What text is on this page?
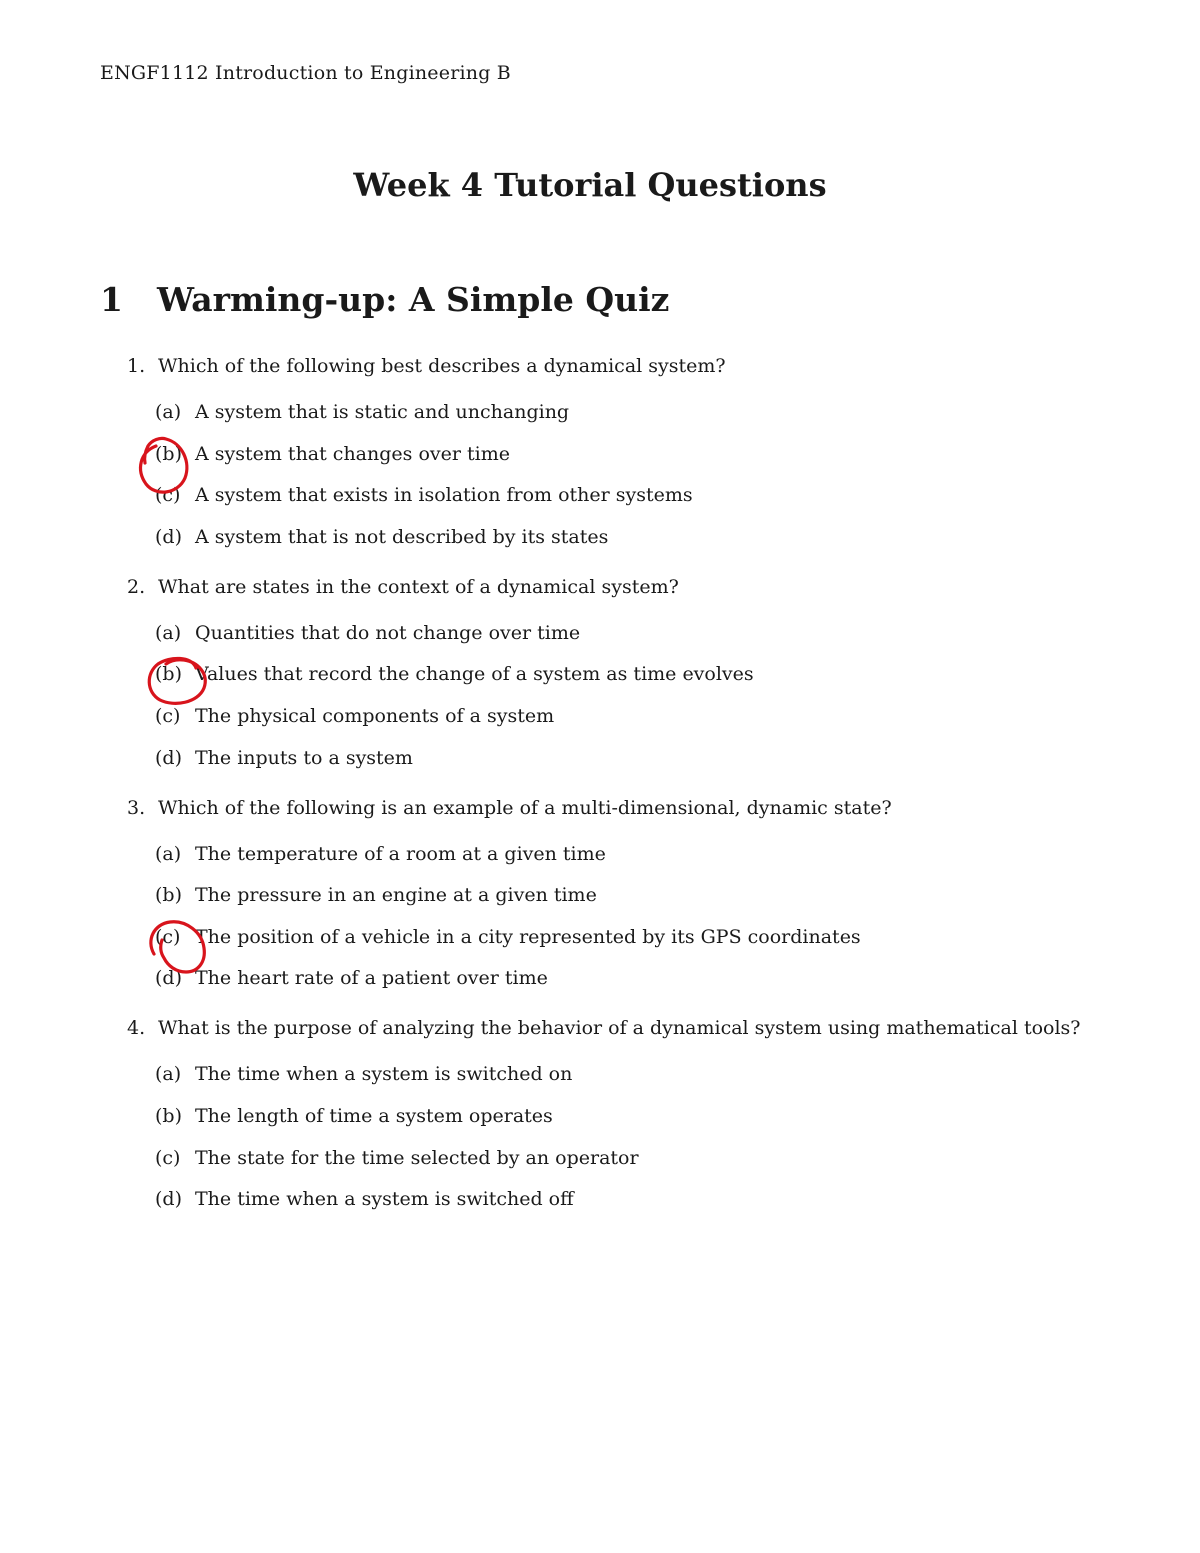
ENGF1112 Introduction to Engineering B
Week 4 Tutorial Questions
1 Warming-up: A Simple Quiz
1. Which of the following best describes a dynamical system?
(a) A system that is static and unchanging
(b) A system that changes over time
(c) A system that exists in isolation from other systems
(d) A system that is not described by its states
2. What are states in the context of a dynamical system?
(a) Quantities that do not change over time
(b) Values that record the change of a system as time evolves
(c) The physical components of a system
(d) The inputs to a system
3. Which of the following is an example of a multi-dimensional, dynamic state?
(a) The temperature of a room at a given time
(b) The pressure in an engine at a given time
(c) The position of a vehicle in a city represented by its GPS coordinates
(d) The heart rate of a patient over time
4. What is the purpose of analyzing the behavior of a dynamical system using mathematical tools?
(a) The time when a system is switched on
(b) The length of time a system operates
(c) The state for the time selected by an operator
(d) The time when a system is switched off
